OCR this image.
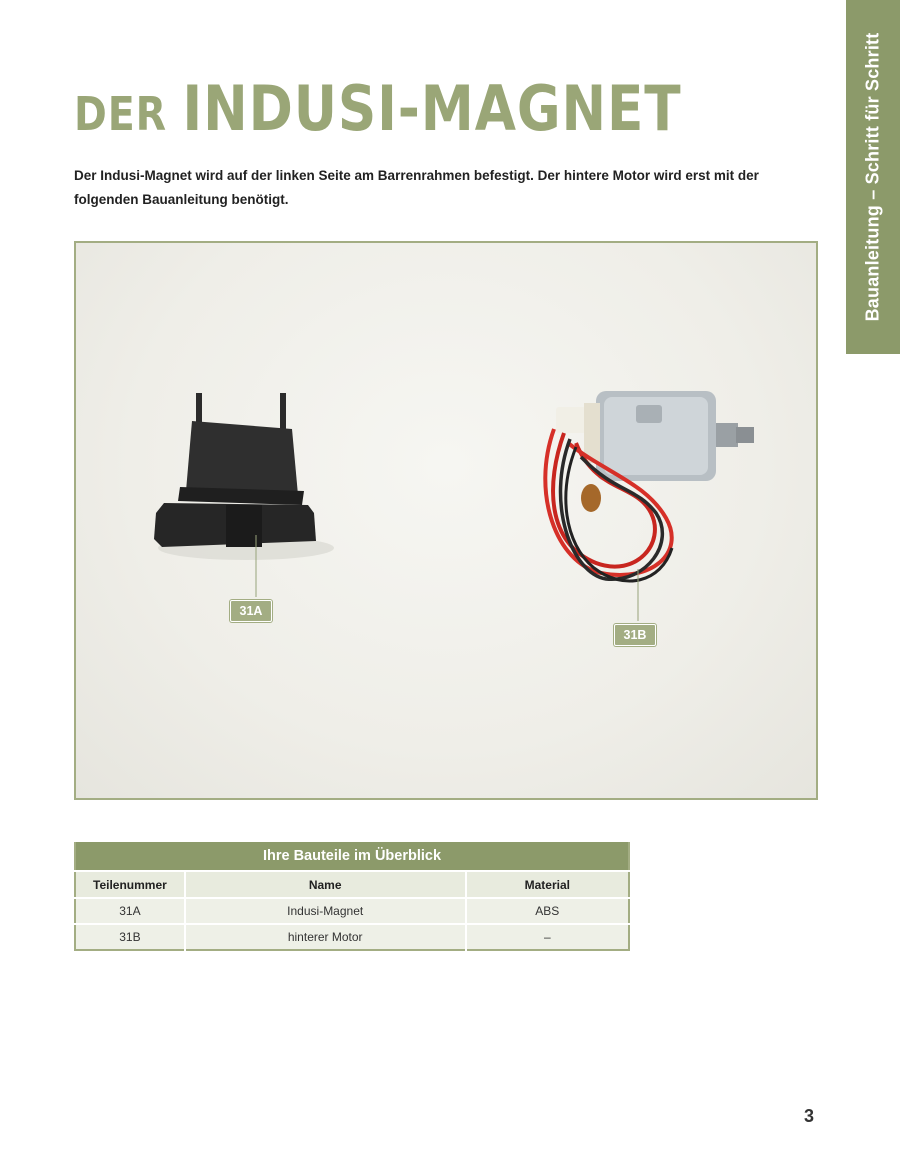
Bauanleitung – Schritt für Schritt
DER INDUSI-MAGNET

Der Indusi-Magnet wird auf der linken Seite am Barrenrahmen befestigt. Der hintere Motor wird erst mit der folgenden Bauanleitung benötigt.

31A
31B
Ihre Bauteile im Überblick		
Teilenummer	Name	Material
31A	Indusi-Magnet	ABS
31B	hinterer Motor	–
3
